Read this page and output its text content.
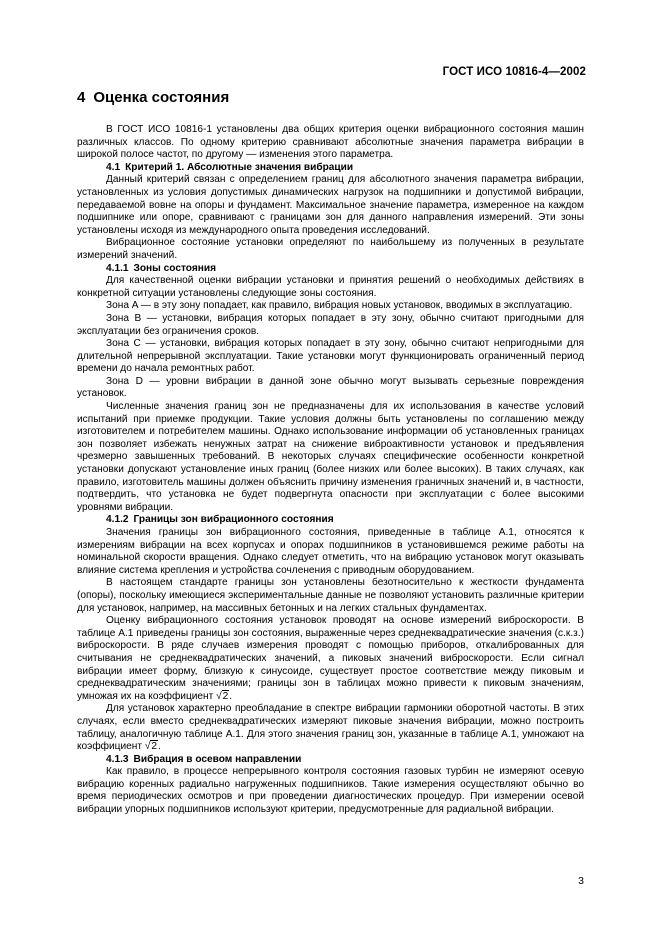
ГОСТ ИСО 10816-4—2002
4 Оценка состояния

В ГОСТ ИСО 10816-1 установлены два общих критерия оценки вибрационного состояния машин различных классов. По одному критерию сравнивают абсолютные значения параметра вибрации в широкой полосе частот, по другому — изменения этого параметра.

4.1 Критерий 1. Абсолютные значения вибрации

Данный критерий связан с определением границ для абсолютного значения параметра вибрации, установленных из условия допустимых динамических нагрузок на подшипники и допустимой вибрации, передаваемой вовне на опоры и фундамент. Максимальное значение параметра, измеренное на каждом подшипнике или опоре, сравнивают с границами зон для данного направления измерений. Эти зоны установлены исходя из международного опыта проведения исследований.

Вибрационное состояние установки определяют по наибольшему из полученных в результате измерений значений.

4.1.1 Зоны состояния

Для качественной оценки вибрации установки и принятия решений о необходимых действиях в конкретной ситуации установлены следующие зоны состояния.

Зона A — в эту зону попадает, как правило, вибрация новых установок, вводимых в эксплуатацию.

Зона B — установки, вибрация которых попадает в эту зону, обычно считают пригодными для эксплуатации без ограничения сроков.

Зона C — установки, вибрация которых попадает в эту зону, обычно считают непригодными для длительной непрерывной эксплуатации. Такие установки могут функционировать ограниченный период времени до начала ремонтных работ.

Зона D — уровни вибрации в данной зоне обычно могут вызывать серьезные повреждения установок.

Численные значения границ зон не предназначены для их использования в качестве условий испытаний при приемке продукции. Такие условия должны быть установлены по соглашению между изготовителем и потребителем машины. Однако использование информации об установленных границах зон позволяет избежать ненужных затрат на снижение виброактивности установок и предъявления чрезмерно завышенных требований. В некоторых случаях специфические особенности конкретной установки допускают установление иных границ (более низких или более высоких). В таких случаях, как правило, изготовитель машины должен объяснить причину изменения граничных значений и, в частности, подтвердить, что установка не будет подвергнута опасности при эксплуатации с более высокими уровнями вибрации.

4.1.2 Границы зон вибрационного состояния

Значения границы зон вибрационного состояния, приведенные в таблице А.1, относятся к измерениям вибрации на всех корпусах и опорах подшипников в установившемся режиме работы на номинальной скорости вращения. Однако следует отметить, что на вибрацию установок могут оказывать влияние система крепления и устройства сочленения с приводным оборудованием.

В настоящем стандарте границы зон установлены безотносительно к жесткости фундамента (опоры), поскольку имеющиеся экспериментальные данные не позволяют установить различные критерии для установок, например, на массивных бетонных и на легких стальных фундаментах.

Оценку вибрационного состояния установок проводят на основе измерений виброскорости. В таблице А.1 приведены границы зон состояния, выраженные через среднеквадратические значения (с.к.з.) виброскорости. В ряде случаев измерения проводят с помощью приборов, откалиброванных для считывания не среднеквадратических значений, а пиковых значений виброскорости. Если сигнал вибрации имеет форму, близкую к синусоиде, существует простое соответствие между пиковым и среднеквадратическим значениями; границы зон в таблицах можно привести к пиковым значениям, умножая их на коэффициент √2.

Для установок характерно преобладание в спектре вибрации гармоники оборотной частоты. В этих случаях, если вместо среднеквадратических измеряют пиковые значения вибрации, можно построить таблицу, аналогичную таблице А.1. Для этого значения границ зон, указанные в таблице А.1, умножают на коэффициент √2.

4.1.3 Вибрация в осевом направлении

Как правило, в процессе непрерывного контроля состояния газовых турбин не измеряют осевую вибрацию коренных радиально нагруженных подшипников. Такие измерения осуществляют обычно во время периодических осмотров и при проведении диагностических процедур. При измерении осевой вибрации упорных подшипников используют критерии, предусмотренные для радиальной вибрации.

3
